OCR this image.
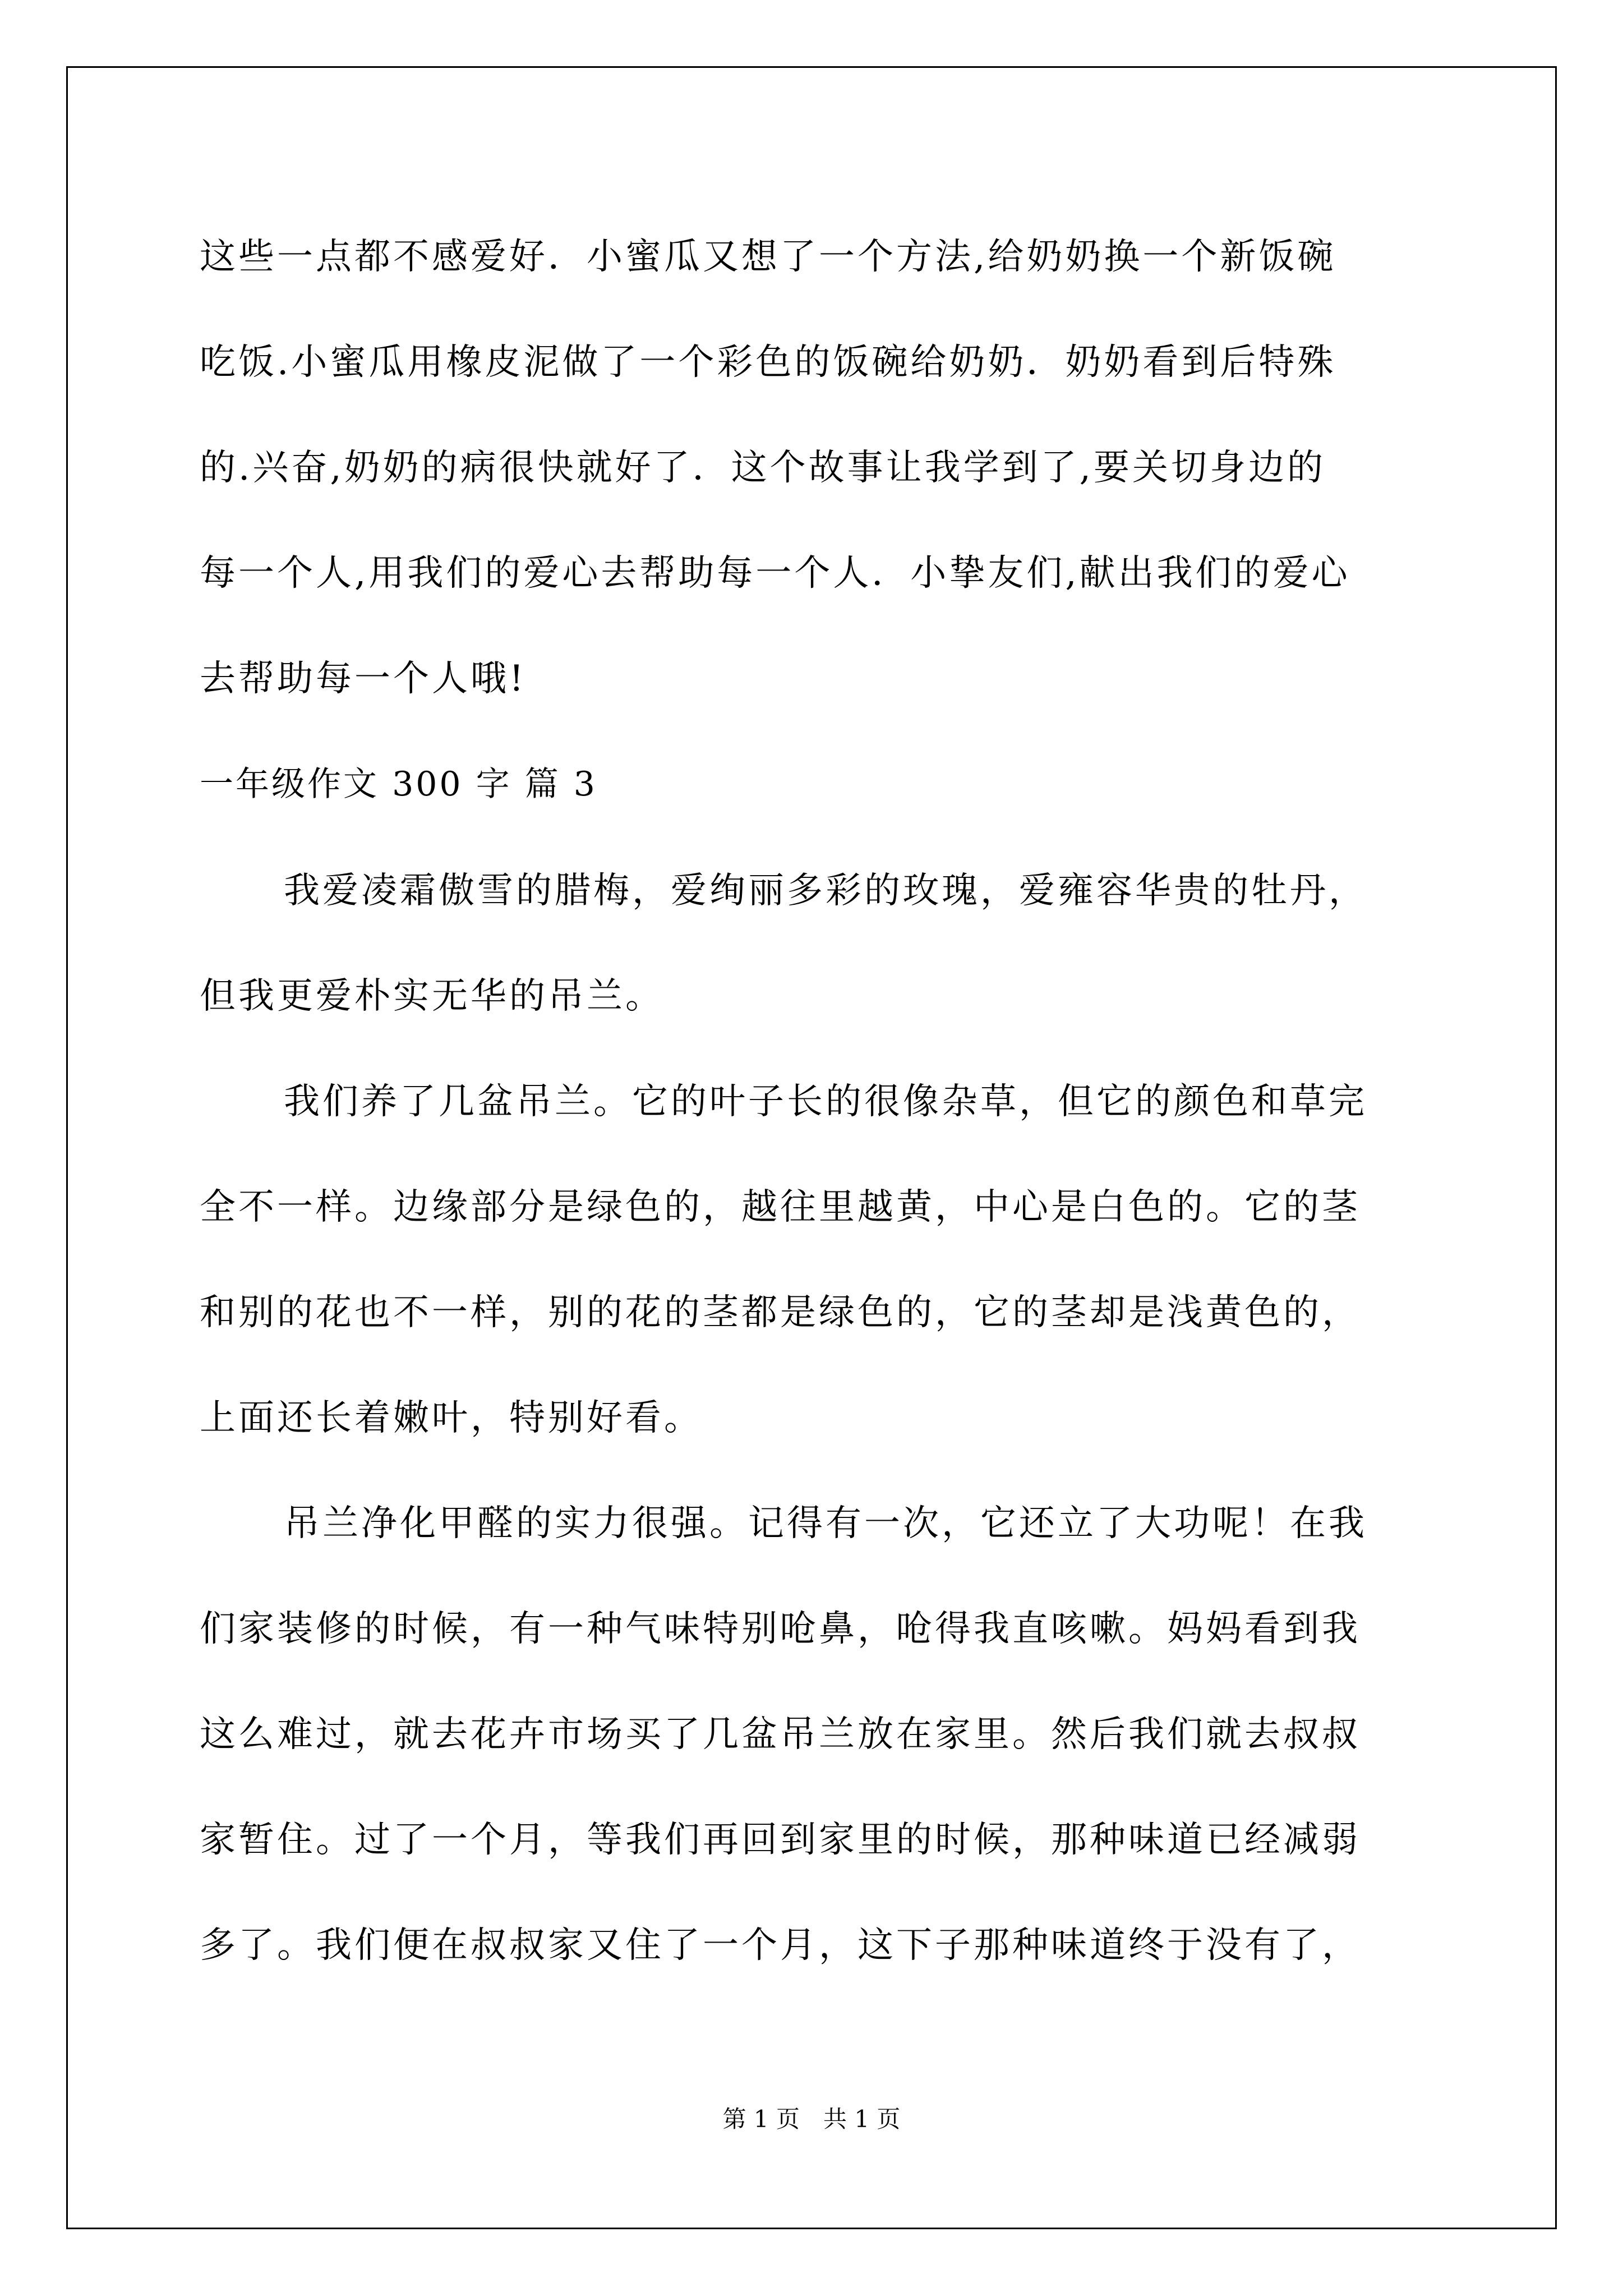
这些一点都不感爱好．小蜜瓜又想了一个方法,给奶奶换一个新饭碗
吃饭.小蜜瓜用橡皮泥做了一个彩色的饭碗给奶奶．奶奶看到后特殊
的.兴奋,奶奶的病很快就好了．这个故事让我学到了,要关切身边的
每一个人,用我们的爱心去帮助每一个人．小挚友们,献出我们的爱心
去帮助每一个人哦!
一年级作文 300 字 篇 3
我爱凌霜傲雪的腊梅，爱绚丽多彩的玫瑰，爱雍容华贵的牡丹，
但我更爱朴实无华的吊兰。
我们养了几盆吊兰。它的叶子长的很像杂草，但它的颜色和草完
全不一样。边缘部分是绿色的，越往里越黄，中心是白色的。它的茎
和别的花也不一样，别的花的茎都是绿色的，它的茎却是浅黄色的，
上面还长着嫩叶，特别好看。
吊兰净化甲醛的实力很强。记得有一次，它还立了大功呢！在我
们家装修的时候，有一种气味特别呛鼻，呛得我直咳嗽。妈妈看到我
这么难过，就去花卉市场买了几盆吊兰放在家里。然后我们就去叔叔
家暂住。过了一个月，等我们再回到家里的时候，那种味道已经减弱
多了。我们便在叔叔家又住了一个月，这下子那种味道终于没有了，
第 1 页　共 1 页
